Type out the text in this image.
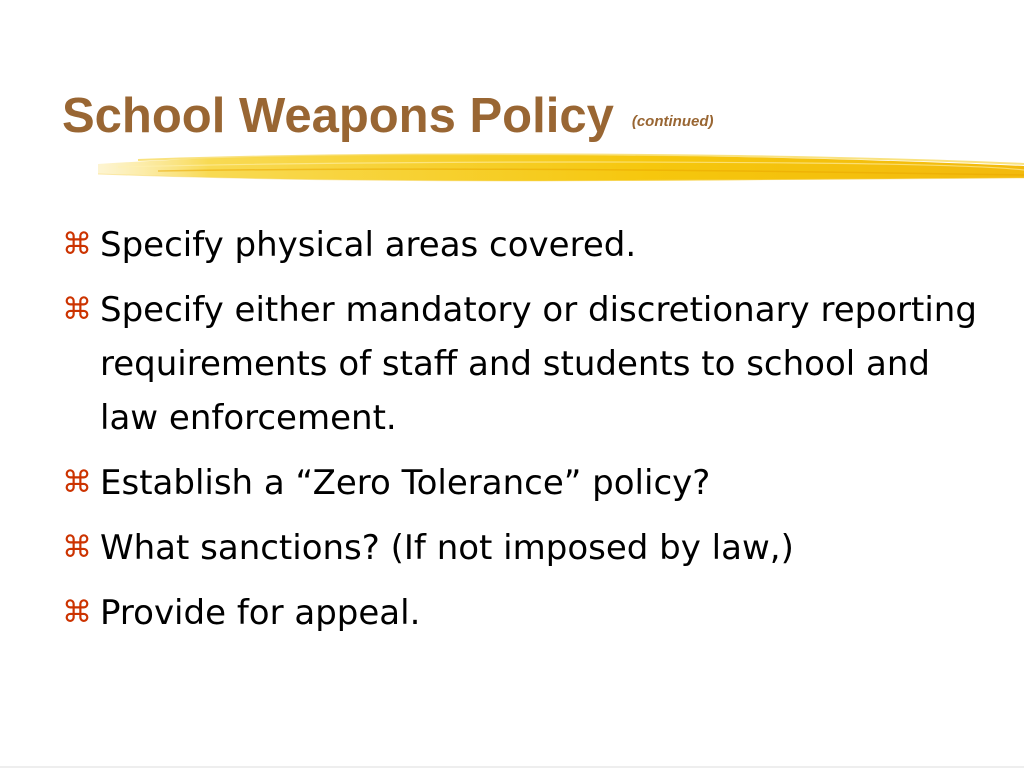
School Weapons Policy (continued)
⌘ Specify physical areas covered.
⌘ Specify either mandatory or discretionary reporting requirements of staff and students to school and law enforcement.
⌘ Establish a “Zero Tolerance” policy?
⌘ What sanctions? (If not imposed by law,)
⌘ Provide for appeal.
